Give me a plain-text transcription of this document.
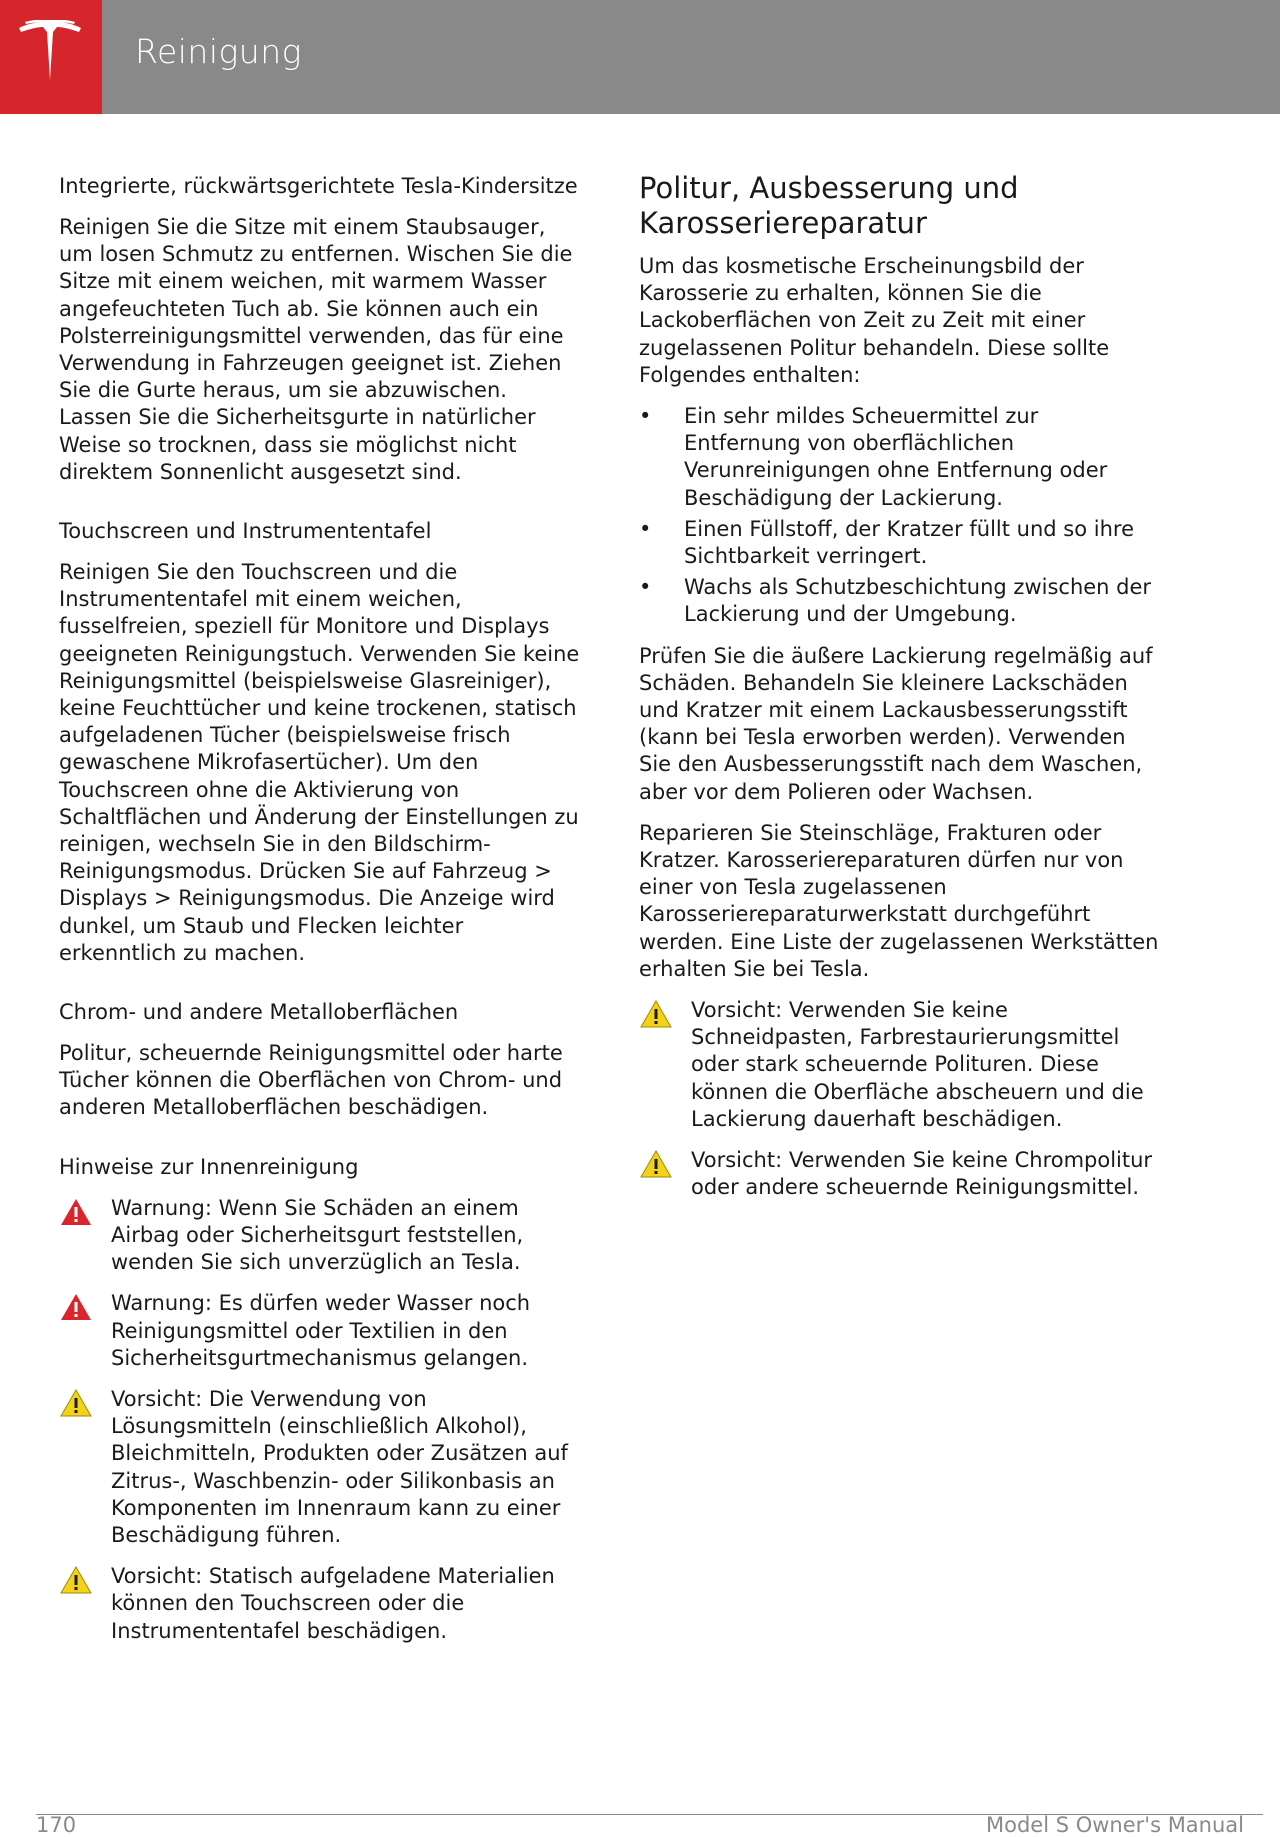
Reinigung
Integrierte, rückwärtsgerichtete Tesla-Kindersitze

Reinigen Sie die Sitze mit einem Staubsauger, um losen Schmutz zu entfernen. Wischen Sie die Sitze mit einem weichen, mit warmem Wasser angefeuchteten Tuch ab. Sie können auch ein Polsterreinigungsmittel verwenden, das für eine Verwendung in Fahrzeugen geeignet ist. Ziehen Sie die Gurte heraus, um sie abzuwischen. Lassen Sie die Sicherheitsgurte in natürlicher Weise so trocknen, dass sie möglichst nicht direktem Sonnenlicht ausgesetzt sind.

Touchscreen und Instrumententafel

Reinigen Sie den Touchscreen und die Instrumententafel mit einem weichen, fusselfreien, speziell für Monitore und Displays geeigneten Reinigungstuch. Verwenden Sie keine Reinigungsmittel (beispielsweise Glasreiniger), keine Feuchttücher und keine trockenen, statisch aufgeladenen Tücher (beispielsweise frisch gewaschene Mikrofasertücher). Um den Touchscreen ohne die Aktivierung von Schaltflächen und Änderung der Einstellungen zu reinigen, wechseln Sie in den Bildschirm-Reinigungsmodus. Drücken Sie auf Fahrzeug > Displays > Reinigungsmodus. Die Anzeige wird dunkel, um Staub und Flecken leichter erkenntlich zu machen.

Chrom- und andere Metalloberflächen

Politur, scheuernde Reinigungsmittel oder harte Tücher können die Oberflächen von Chrom- und anderen Metalloberflächen beschädigen.

Hinweise zur Innenreinigung
Warnung: Wenn Sie Schäden an einem Airbag oder Sicherheitsgurt feststellen, wenden Sie sich unverzüglich an Tesla.
Warnung: Es dürfen weder Wasser noch Reinigungsmittel oder Textilien in den Sicherheitsgurtmechanismus gelangen.
Vorsicht: Die Verwendung von Lösungsmitteln (einschließlich Alkohol), Bleichmitteln, Produkten oder Zusätzen auf Zitrus-, Waschbenzin- oder Silikonbasis an Komponenten im Innenraum kann zu einer Beschädigung führen.
Vorsicht: Statisch aufgeladene Materialien können den Touchscreen oder die Instrumententafel beschädigen.
Politur, Ausbesserung und Karosseriereparatur

Um das kosmetische Erscheinungsbild der Karosserie zu erhalten, können Sie die Lackoberflächen von Zeit zu Zeit mit einer zugelassenen Politur behandeln. Diese sollte Folgendes enthalten:

• Ein sehr mildes Scheuermittel zur Entfernung von oberflächlichen Verunreinigungen ohne Entfernung oder Beschädigung der Lackierung.
• Einen Füllstoff, der Kratzer füllt und so ihre Sichtbarkeit verringert.
• Wachs als Schutzbeschichtung zwischen der Lackierung und der Umgebung.

Prüfen Sie die äußere Lackierung regelmäßig auf Schäden. Behandeln Sie kleinere Lackschäden und Kratzer mit einem Lackausbesserungsstift (kann bei Tesla erworben werden). Verwenden Sie den Ausbesserungsstift nach dem Waschen, aber vor dem Polieren oder Wachsen.

Reparieren Sie Steinschläge, Frakturen oder Kratzer. Karosseriereparaturen dürfen nur von einer von Tesla zugelassenen Karosseriereparaturwerkstatt durchgeführt werden. Eine Liste der zugelassenen Werkstätten erhalten Sie bei Tesla.

Vorsicht: Verwenden Sie keine Schneidpasten, Farbrestaurierungsmittel oder stark scheuernde Polituren. Diese können die Oberfläche abscheuern und die Lackierung dauerhaft beschädigen.
Vorsicht: Verwenden Sie keine Chrompolitur oder andere scheuernde Reinigungsmittel.
170	Model S Owner's Manual
